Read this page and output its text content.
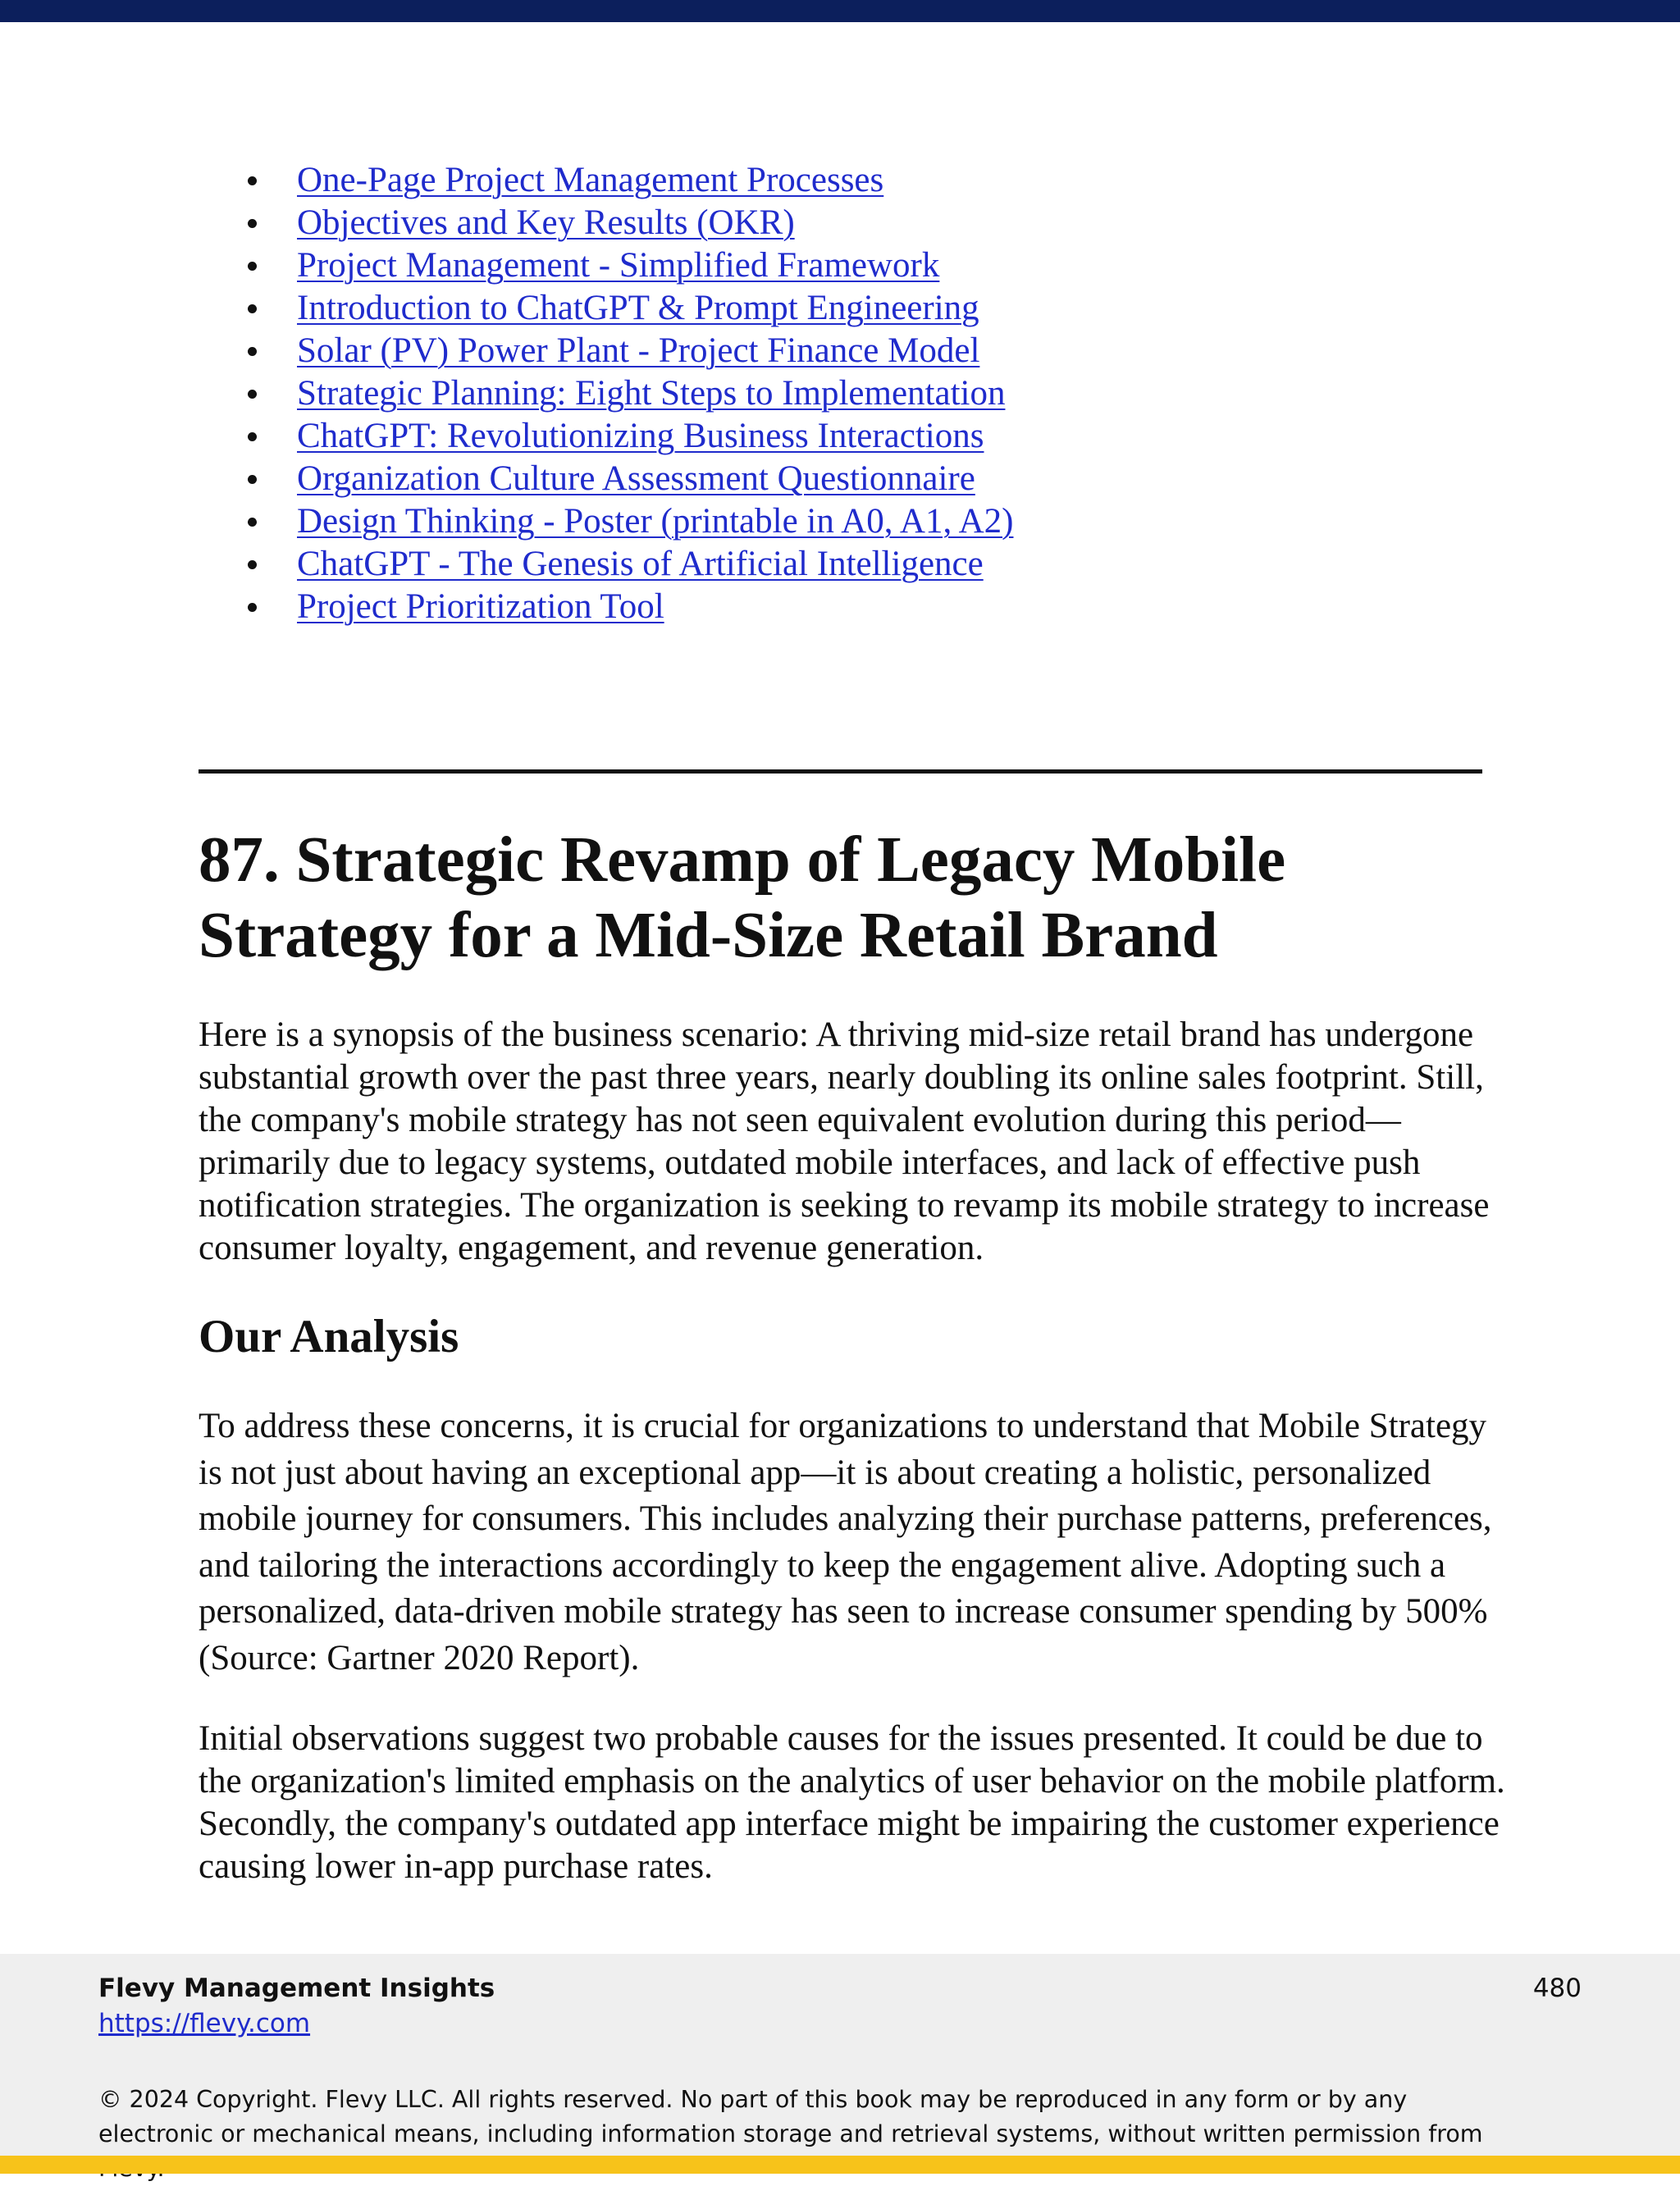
One-Page Project Management Processes
Objectives and Key Results (OKR)
Project Management - Simplified Framework
Introduction to ChatGPT & Prompt Engineering
Solar (PV) Power Plant - Project Finance Model
Strategic Planning: Eight Steps to Implementation
ChatGPT: Revolutionizing Business Interactions
Organization Culture Assessment Questionnaire
Design Thinking - Poster (printable in A0, A1, A2)
ChatGPT - The Genesis of Artificial Intelligence
Project Prioritization Tool
87. Strategic Revamp of Legacy Mobile Strategy for a Mid-Size Retail Brand

Here is a synopsis of the business scenario: A thriving mid-size retail brand has undergone substantial growth over the past three years, nearly doubling its online sales footprint. Still, the company's mobile strategy has not seen equivalent evolution during this period—primarily due to legacy systems, outdated mobile interfaces, and lack of effective push notification strategies. The organization is seeking to revamp its mobile strategy to increase consumer loyalty, engagement, and revenue generation.

Our Analysis

To address these concerns, it is crucial for organizations to understand that Mobile Strategy is not just about having an exceptional app—it is about creating a holistic, personalized mobile journey for consumers. This includes analyzing their purchase patterns, preferences, and tailoring the interactions accordingly to keep the engagement alive. Adopting such a personalized, data-driven mobile strategy has seen to increase consumer spending by 500% (Source: Gartner 2020 Report).

Initial observations suggest two probable causes for the issues presented. It could be due to the organization's limited emphasis on the analytics of user behavior on the mobile platform. Secondly, the company's outdated app interface might be impairing the customer experience causing lower in-app purchase rates.

Flevy Management Insights
https://flevy.com
480
© 2024 Copyright. Flevy LLC. All rights reserved. No part of this book may be reproduced in any form or by any electronic or mechanical means, including information storage and retrieval systems, without written permission from
